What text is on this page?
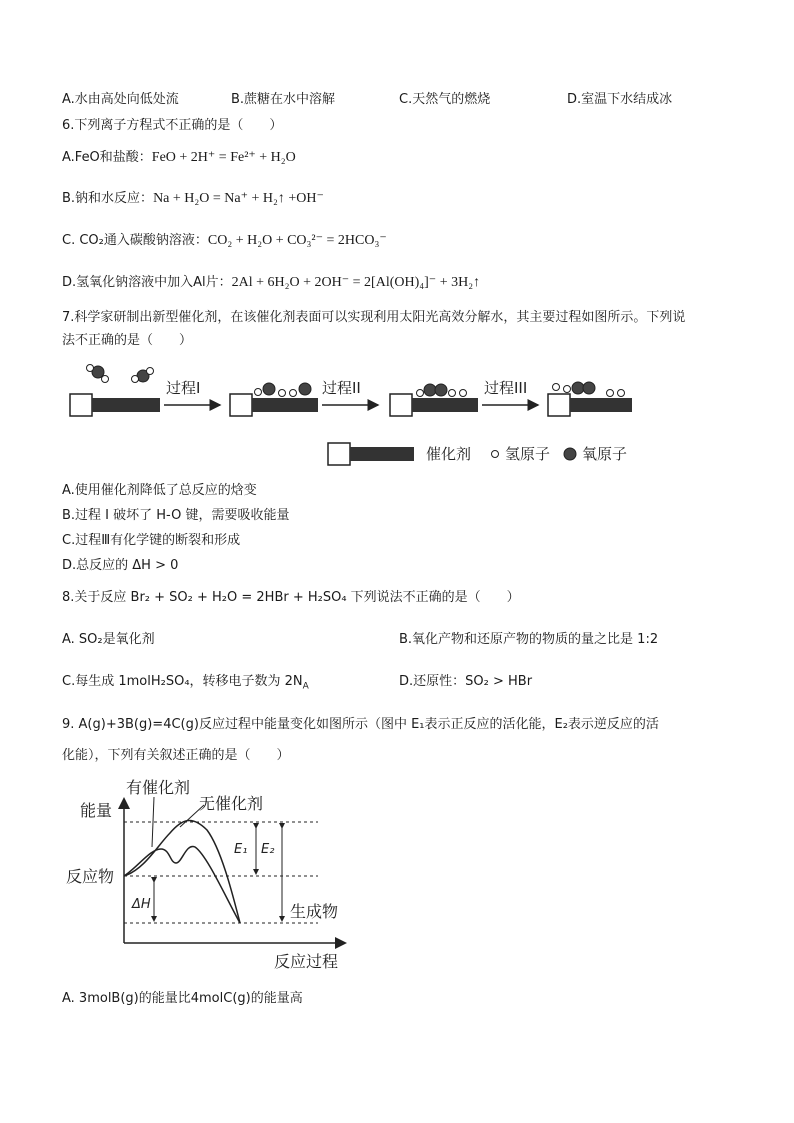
A.水由高处向低处流	B.蔗糖在水中溶解	C.天然气的燃烧	D.室温下水结成冰
6.下列离子方程式不正确的是（　　）
A.FeO和盐酸：FeO + 2H⁺ = Fe²⁺ + H₂O
B.钠和水反应：Na + H₂O = Na⁺ + H₂↑ +OH⁻
C. CO₂通入碳酸钠溶液：CO₂ + H₂O + CO₃²⁻ = 2HCO₃⁻
D.氢氧化钠溶液中加入Al片：2Al + 6H₂O + 2OH⁻ = 2[Al(OH)₄]⁻ + 3H₂↑
7.科学家研制出新型催化剂，在该催化剂表面可以实现利用太阳光高效分解水，其主要过程如图所示。下列说
法不正确的是（　　）
过程I	过程II	过程III
催化剂 氢原子 氧原子
A.使用催化剂降低了总反应的焓变
B.过程 I 破坏了 H-O 键，需要吸收能量
C.过程Ⅲ有化学键的断裂和形成
D.总反应的 ΔH > 0
8.关于反应 Br₂ + SO₂ + H₂O = 2HBr + H₂SO₄ 下列说法不正确的是（　　）
A. SO₂是氧化剂	B.氧化产物和还原产物的物质的量之比是 1:2
C.每生成 1molH₂SO₄，转移电子数为 $2N_A$	D.还原性：SO₂ > HBr
9. A(g)+3B(g)=4C(g)反应过程中能量变化如图所示（图中 E₁表示正反应的活化能，E₂表示逆反应的活
化能），下列有关叙述正确的是（　　）
能量
反应过程
有催化剂
无催化剂
反应物
生成物
E₁ E₂
ΔH
A. 3molB(g)的能量比4molC(g)的能量高
